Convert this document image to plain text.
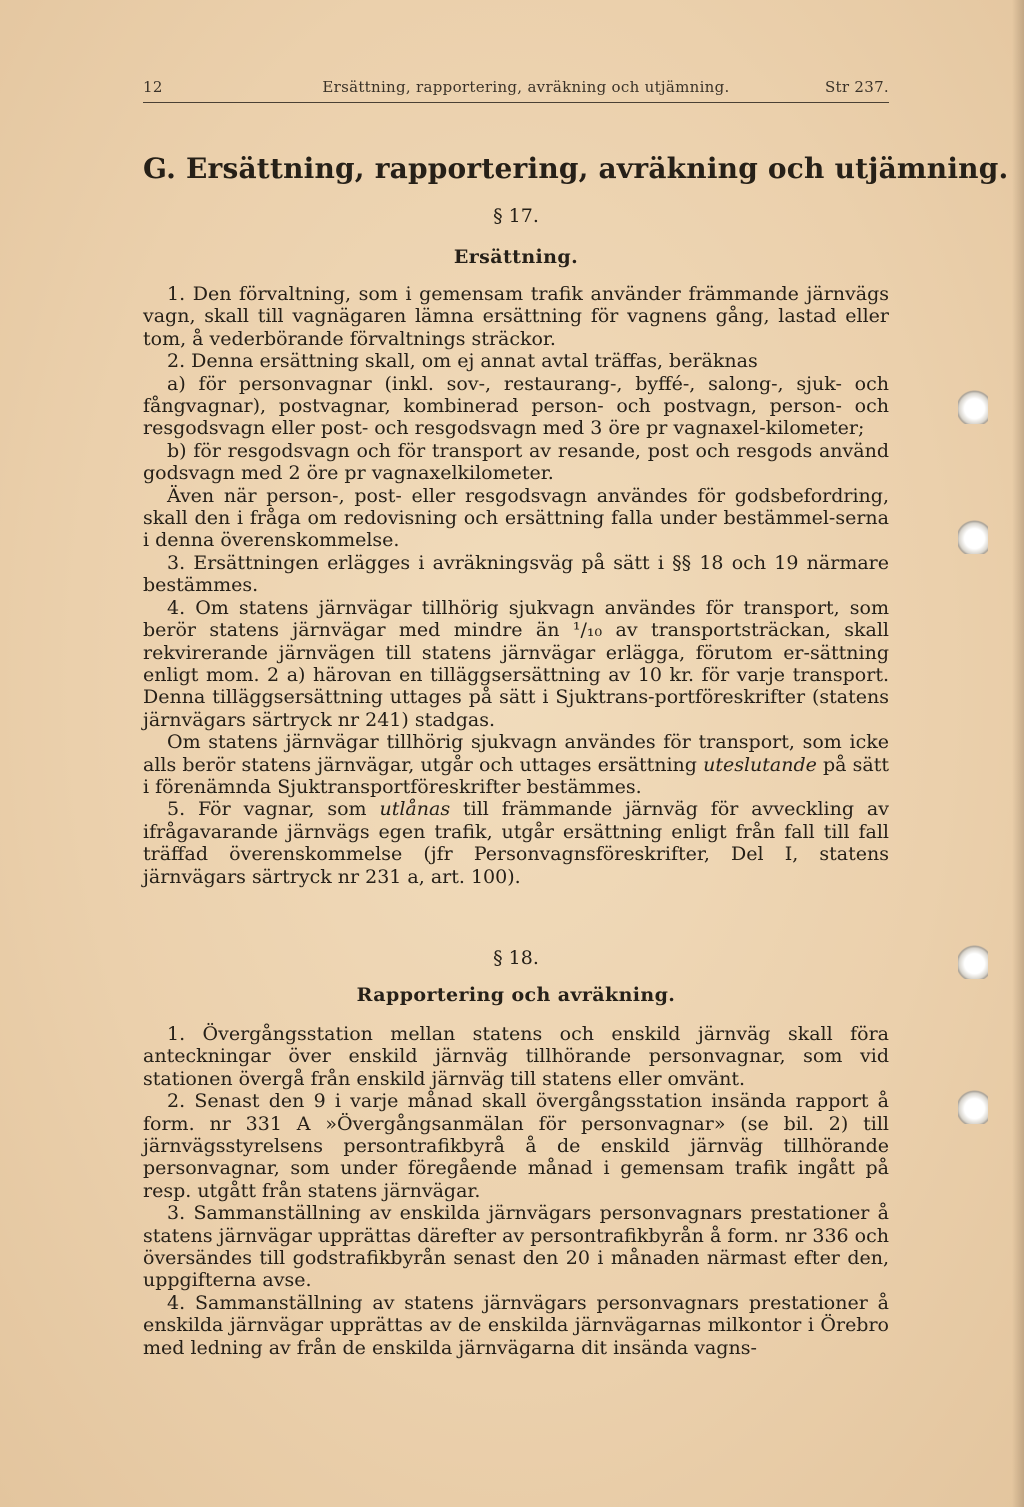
12	Ersättning, rapportering, avräkning och utjämning.	Str 237.
G. Ersättning, rapportering, avräkning och utjämning.
§ 17.
Ersättning.

1. Den förvaltning, som i gemensam trafik använder främmande järnvägs vagn, skall till vagnägaren lämna ersättning för vagnens gång, lastad eller tom, å vederbörande förvaltnings sträckor.

2. Denna ersättning skall, om ej annat avtal träffas, beräknas

a) för personvagnar (inkl. sov-, restaurang-, byffé-, salong-, sjuk- och fångvagnar), postvagnar, kombinerad person- och postvagn, person- och resgodsvagn eller post- och resgodsvagn med 3 öre pr vagnaxel-kilometer;

b) för resgodsvagn och för transport av resande, post och resgods använd godsvagn med 2 öre pr vagnaxelkilometer.

Även när person-, post- eller resgodsvagn användes för godsbefordring, skall den i fråga om redovisning och ersättning falla under bestämmel-serna i denna överenskommelse.

3. Ersättningen erlägges i avräkningsväg på sätt i §§ 18 och 19 närmare bestämmes.

4. Om statens järnvägar tillhörig sjukvagn användes för transport, som berör statens järnvägar med mindre än ¹/₁₀ av transportsträckan, skall rekvirerande järnvägen till statens järnvägar erlägga, förutom er-sättning enligt mom. 2 a) härovan en tilläggsersättning av 10 kr. för varje transport. Denna tilläggsersättning uttages på sätt i Sjuktrans-portföreskrifter (statens järnvägars särtryck nr 241) stadgas.

Om statens järnvägar tillhörig sjukvagn användes för transport, som icke alls berör statens järnvägar, utgår och uttages ersättning uteslutande på sätt i förenämnda Sjuktransportföreskrifter bestämmes.

5. För vagnar, som utlånas till främmande järnväg för avveckling av ifrågavarande järnvägs egen trafik, utgår ersättning enligt från fall till fall träffad överenskommelse (jfr Personvagnsföreskrifter, Del I, statens järnvägars särtryck nr 231 a, art. 100).

§ 18.
Rapportering och avräkning.

1. Övergångsstation mellan statens och enskild järnväg skall föra anteckningar över enskild järnväg tillhörande personvagnar, som vid stationen övergå från enskild järnväg till statens eller omvänt.

2. Senast den 9 i varje månad skall övergångsstation insända rapport å form. nr 331 A »Övergångsanmälan för personvagnar» (se bil. 2) till järnvägsstyrelsens persontrafikbyrå å de enskild järnväg tillhörande personvagnar, som under föregående månad i gemensam trafik ingått på resp. utgått från statens järnvägar.

3. Sammanställning av enskilda järnvägars personvagnars prestationer å statens järnvägar upprättas därefter av persontrafikbyrån å form. nr 336 och översändes till godstrafikbyrån senast den 20 i månaden närmast efter den, uppgifterna avse.

4. Sammanställning av statens järnvägars personvagnars prestationer å enskilda järnvägar upprättas av de enskilda järnvägarnas milkontor i Örebro med ledning av från de enskilda järnvägarna dit insända vagns-
